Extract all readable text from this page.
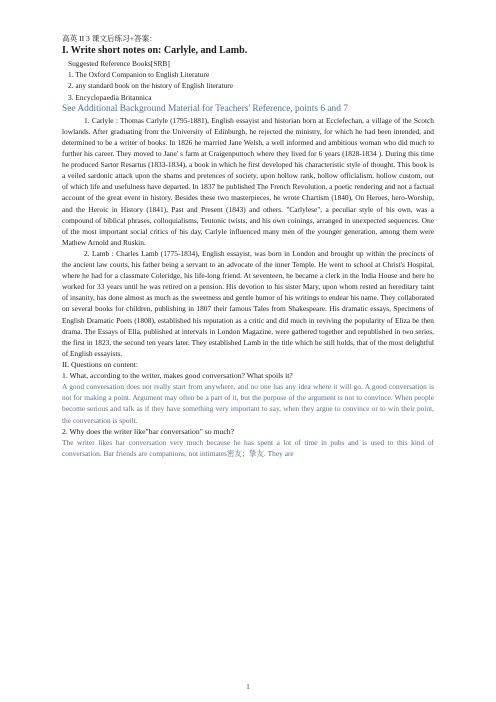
高英 II 3 课文后练习+答案：

I. Write short notes on: Carlyle, and Lamb.

Suggested Reference Books[SRB]

1. The Oxford Companion to English Literature

2. any standard book on the history of English literature

3. Encyclopaedia Britannica

See Additional Background Material for Teachers' Reference, points 6 and 7

1. Carlyle : Thomas Carlyle (1795-1881), English essayist and historian born at Ecclefechan, a village of the Scotch lowlands. After graduating from the University of Edinburgh, he rejected the ministry, for which he had been intended, and determined to be a writer of books. In 1826 he married Jane Welsh, a well informed and ambitious woman who did much to further his career. They moved to Jane' s farm at Craigenputtoch where they lived for 6 years (1828-1834 ). During this time he produced Sartor Resartus (1833-1834), a book in which he first developed his characteristic style of thought. This book is a veiled sardonic attack upon the shams and pretences of society, upon hollow rank, hollow officialism, hollow custom, out of which life and usefulness have departed. In 1837 he published The French Revolution, a poetic rendering and not a factual account of the great event in history. Besides these two masterpieces, he wrote Chartism (1840), On Heroes, hero-Worship, and the Heroic in History (1841), Past and Present (1843) and others. "Carlylese", a peculiar style of his own, was a compound of biblical phrases, colloquialisms, Teutonic twists, and his own coinings, arranged in unexpected sequences. One of the most important social critics of his day, Carlyle influenced many men of the younger generation, among them were Mathew Arnold and Ruskin.

2. Lamb : Charles Lamb (1775-1834), English essayist, was born in London and brought up within the precincts of the ancient law courts, his father being a servant to an advocate of the inner Temple. He went to school at Christ's Hospital, where he had for a classmate Coleridge, his life-long friend. At seventeen, he became a clerk in the India House and here he worked for 33 years until he was retired on a pension. His devotion to his sister Mary, upon whom rested an hereditary taint of insanity, has done almost as much as the sweetness and gentle humor of his writings to endear his name. They collaborated on several books for children, publishing in 1807 their famous Tales from Shakespeare. His dramatic essays, Specimens of English Dramatic Poets (1808), established his reputation as a critic and did much in reviving the popularity of Eliza be then drama. The Essays of Ella, published at intervals in London Magazine, were gathered together and republished in two series, the first in 1823, the second ten years later. They established Lamb in the title which he still holds, that of the most delightful of English essayists.

II. Questions on content:

1. What, according to the writer, makes good conversation? What spoils it?

A good conversation does not really start from anywhere, and no one has any idea where it will go. A good conversation is not for making a point. Argument may often be a part of it, but the purpose of the argument is not to convince. When people become serious and talk as if they have something very important to say, when they argue to convince or to win their point, the conversation is spoilt.

2. Why does the writer like"bar conversation" so much?

The writer likes bar conversation very much because he has spent a lot of time in pubs and is used to this kind of conversation. Bar friends are companions, not intimates密友；挚友. They are

1
